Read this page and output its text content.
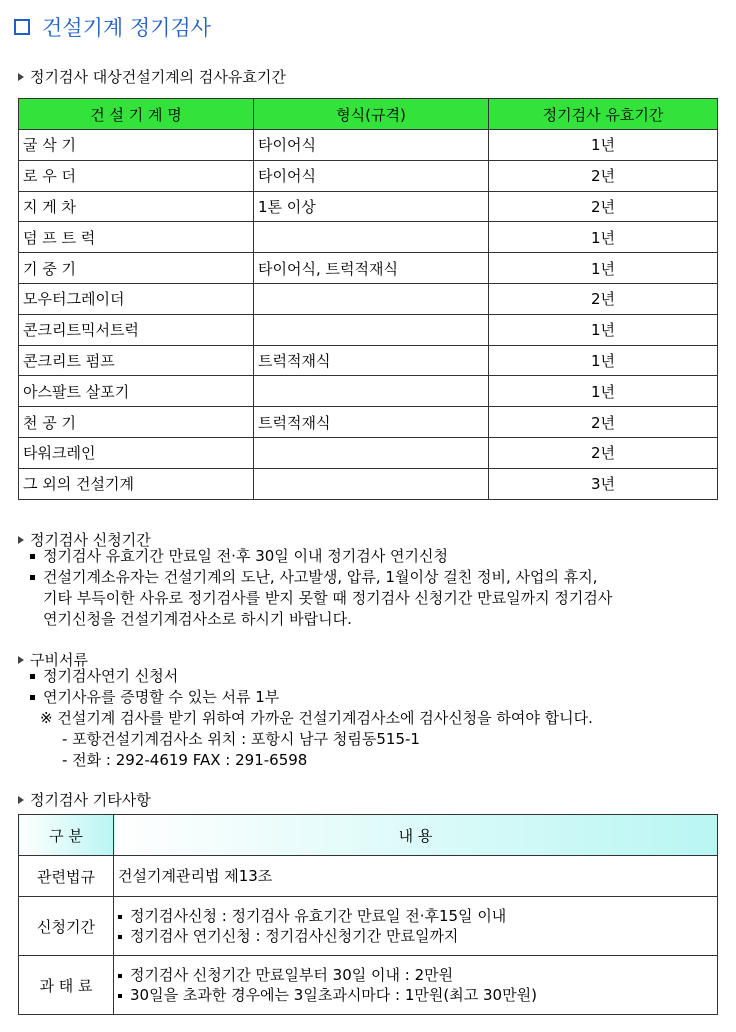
건설기계 정기검사
정기검사 대상건설기계의 검사유효기간
건 설 기 계 명	형식(규격)	정기검사 유효기간
굴 삭 기	타이어식	1년
로 우 더	타이어식	2년
지 게 차	1톤 이상	2년
덤 프 트 럭		1년
기 중 기	타이어식, 트럭적재식	1년
모우터그레이더		2년
콘크리트믹서트럭		1년
콘크리트 펌프	트럭적재식	1년
아스팔트 살포기		1년
천 공 기	트럭적재식	2년
타워크레인		2년
그 외의 건설기계		3년
정기검사 신청기간
정기검사 유효기간 만료일 전·후 30일 이내 정기검사 연기신청
건설기계소유자는 건설기계의 도난, 사고발생, 압류, 1월이상 걸친 정비, 사업의 휴지,
기타 부득이한 사유로 정기검사를 받지 못할 때 정기검사 신청기간 만료일까지 정기검사
연기신청을 건설기계검사소로 하시기 바랍니다.
구비서류
정기검사연기 신청서
연기사유를 증명할 수 있는 서류 1부
※ 건설기계 검사를 받기 위하여 가까운 건설기계검사소에 검사신청을 하여야 합니다.
- 포항건설기계검사소 위치 : 포항시 남구 청림동515-1
- 전화 : 292-4619 FAX : 291-6598
정기검사 기타사항
구 분	내 용
관련법규	건설기계관리법 제13조

신청기간	정기검사신청 : 정기검사 유효기간 만료일 전·후15일 이내
정기검사 연기신청 : 정기검사신청기간 만료일까지

과 태 료	정기검사 신청기간 만료일부터 30일 이내 : 2만원
30일을 초과한 경우에는 3일초과시마다 : 1만원(최고 30만원)
